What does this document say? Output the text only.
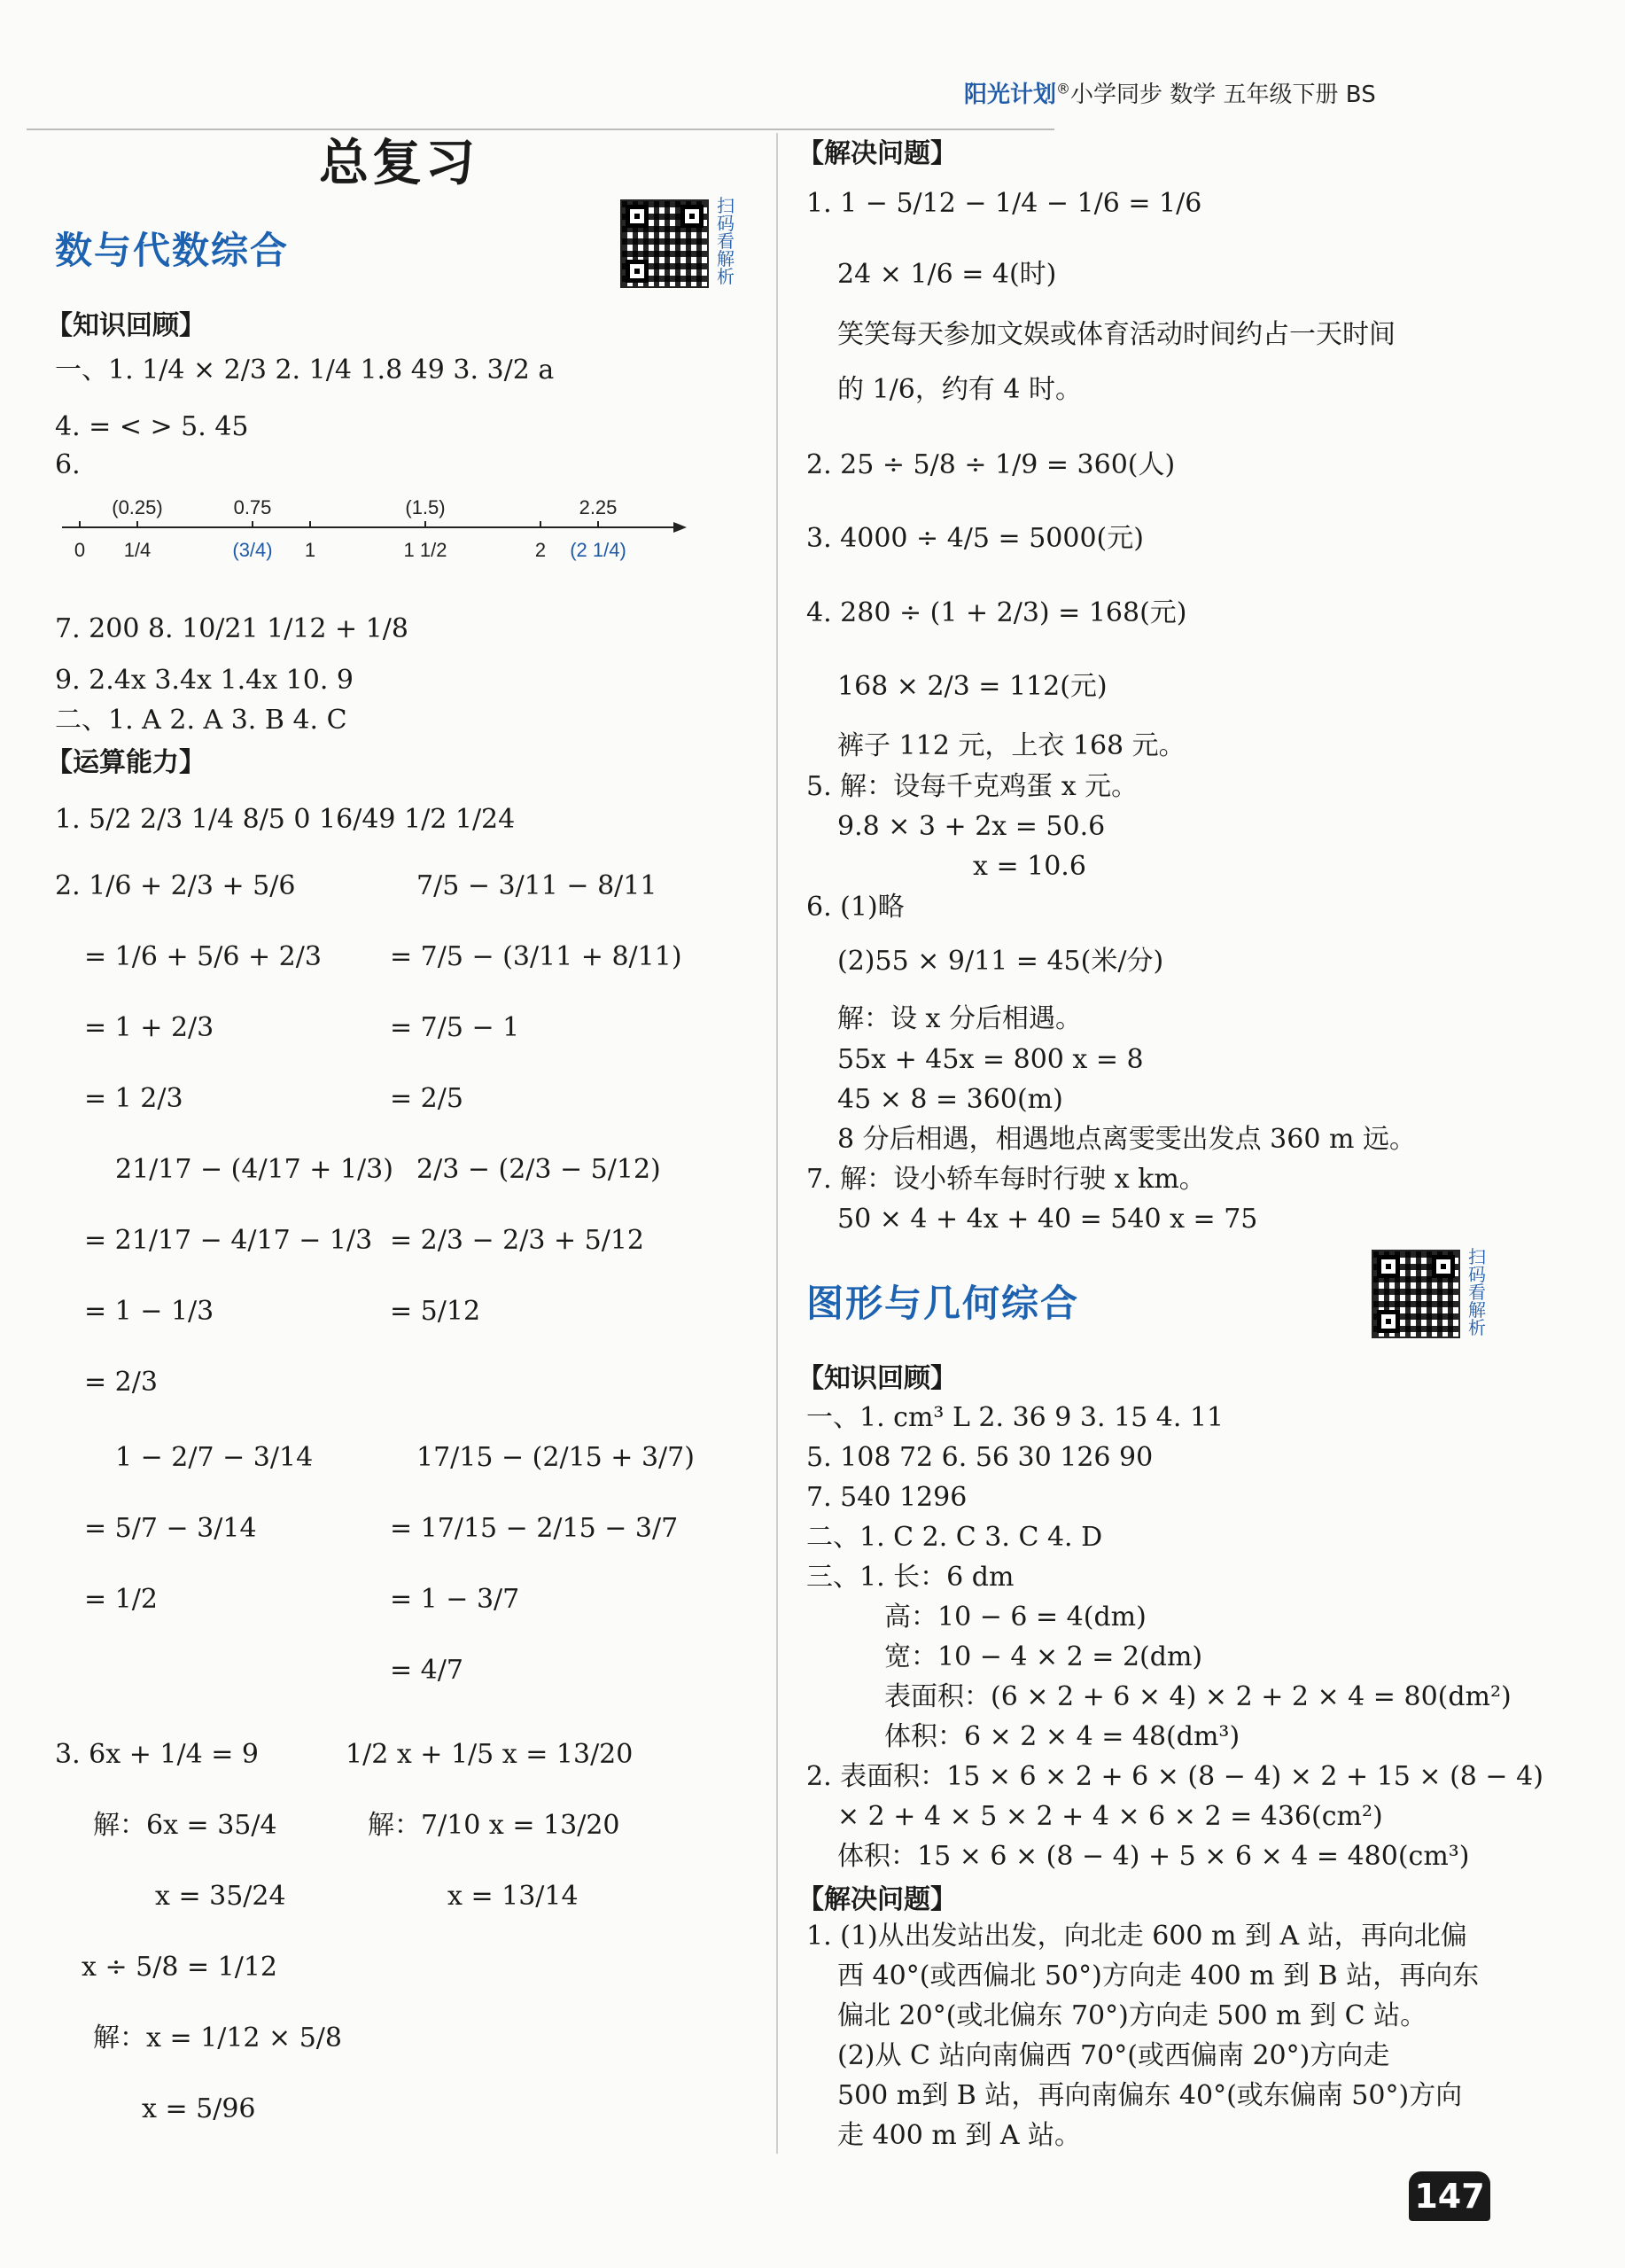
阳光计划®小学同步 数学 五年级下册 BS
总复习
数与代数综合
扫码看解析
【知识回顾】
一、1. 1/4 × 2/3 2. 1/4 1.8 49 3. 3/2 a
4. = < > 5. 45
6.
(0.25)	0.75	(1.5)	2.25
0 1/4	(3/4) 1	1 1/2	2 (2 1/4)
7. 200 8. 10/21 1/12 + 1/8
9. 2.4x 3.4x 1.4x 10. 9
二、1. A 2. A 3. B 4. C
【运算能力】
1. 5/2 2/3 1/4 8/5 0 16/49 1/2 1/24
2. 1/6 + 2/3 + 5/6
= 1/6 + 5/6 + 2/3
= 1 + 2/3
= 1 2/3
7/5 − 3/11 − 8/11
= 7/5 − (3/11 + 8/11)
= 7/5 − 1
= 2/5
21/17 − (4/17 + 1/3)
= 21/17 − 4/17 − 1/3
= 1 − 1/3
= 2/3
2/3 − (2/3 − 5/12)
= 2/3 − 2/3 + 5/12
= 5/12
1 − 2/7 − 3/14
= 5/7 − 3/14
= 1/2
17/15 − (2/15 + 3/7)
= 17/15 − 2/15 − 3/7
= 1 − 3/7
= 4/7
3. 6x + 1/4 = 9
解：6x = 35/4
x = 35/24
1/2 x + 1/5 x = 13/20
解：7/10 x = 13/20
x = 13/14
x ÷ 5/8 = 1/12
解：x = 1/12 × 5/8
x = 5/96
【解决问题】
1. 1 − 5/12 − 1/4 − 1/6 = 1/6
24 × 1/6 = 4(时)
笑笑每天参加文娱或体育活动时间约占一天时间
的 1/6，约有 4 时。
2. 25 ÷ 5/8 ÷ 1/9 = 360(人)
3. 4000 ÷ 4/5 = 5000(元)
4. 280 ÷ (1 + 2/3) = 168(元)
168 × 2/3 = 112(元)
裤子 112 元，上衣 168 元。
5. 解：设每千克鸡蛋 x 元。
9.8 × 3 + 2x = 50.6
x = 10.6
6. (1)略
(2)55 × 9/11 = 45(米/分)
解：设 x 分后相遇。
55x + 45x = 800 x = 8
45 × 8 = 360(m)
8 分后相遇，相遇地点离雯雯出发点 360 m 远。
7. 解：设小轿车每时行驶 x km。
50 × 4 + 4x + 40 = 540 x = 75
图形与几何综合
扫码看解析
【知识回顾】
一、1. cm³ L 2. 36 9 3. 15 4. 11
5. 108 72 6. 56 30 126 90
7. 540 1296
二、1. C 2. C 3. C 4. D
三、1. 长：6 dm
高：10 − 6 = 4(dm)
宽：10 − 4 × 2 = 2(dm)
表面积：(6 × 2 + 6 × 4) × 2 + 2 × 4 = 80(dm²)
体积：6 × 2 × 4 = 48(dm³)
2. 表面积：15 × 6 × 2 + 6 × (8 − 4) × 2 + 15 × (8 − 4)
× 2 + 4 × 5 × 2 + 4 × 6 × 2 = 436(cm²)
体积：15 × 6 × (8 − 4) + 5 × 6 × 4 = 480(cm³)
【解决问题】
1. (1)从出发站出发，向北走 600 m 到 A 站，再向北偏
西 40°(或西偏北 50°)方向走 400 m 到 B 站，再向东
偏北 20°(或北偏东 70°)方向走 500 m 到 C 站。
(2)从 C 站向南偏西 70°(或西偏南 20°)方向走
500 m到 B 站，再向南偏东 40°(或东偏南 50°)方向
走 400 m 到 A 站。
147
